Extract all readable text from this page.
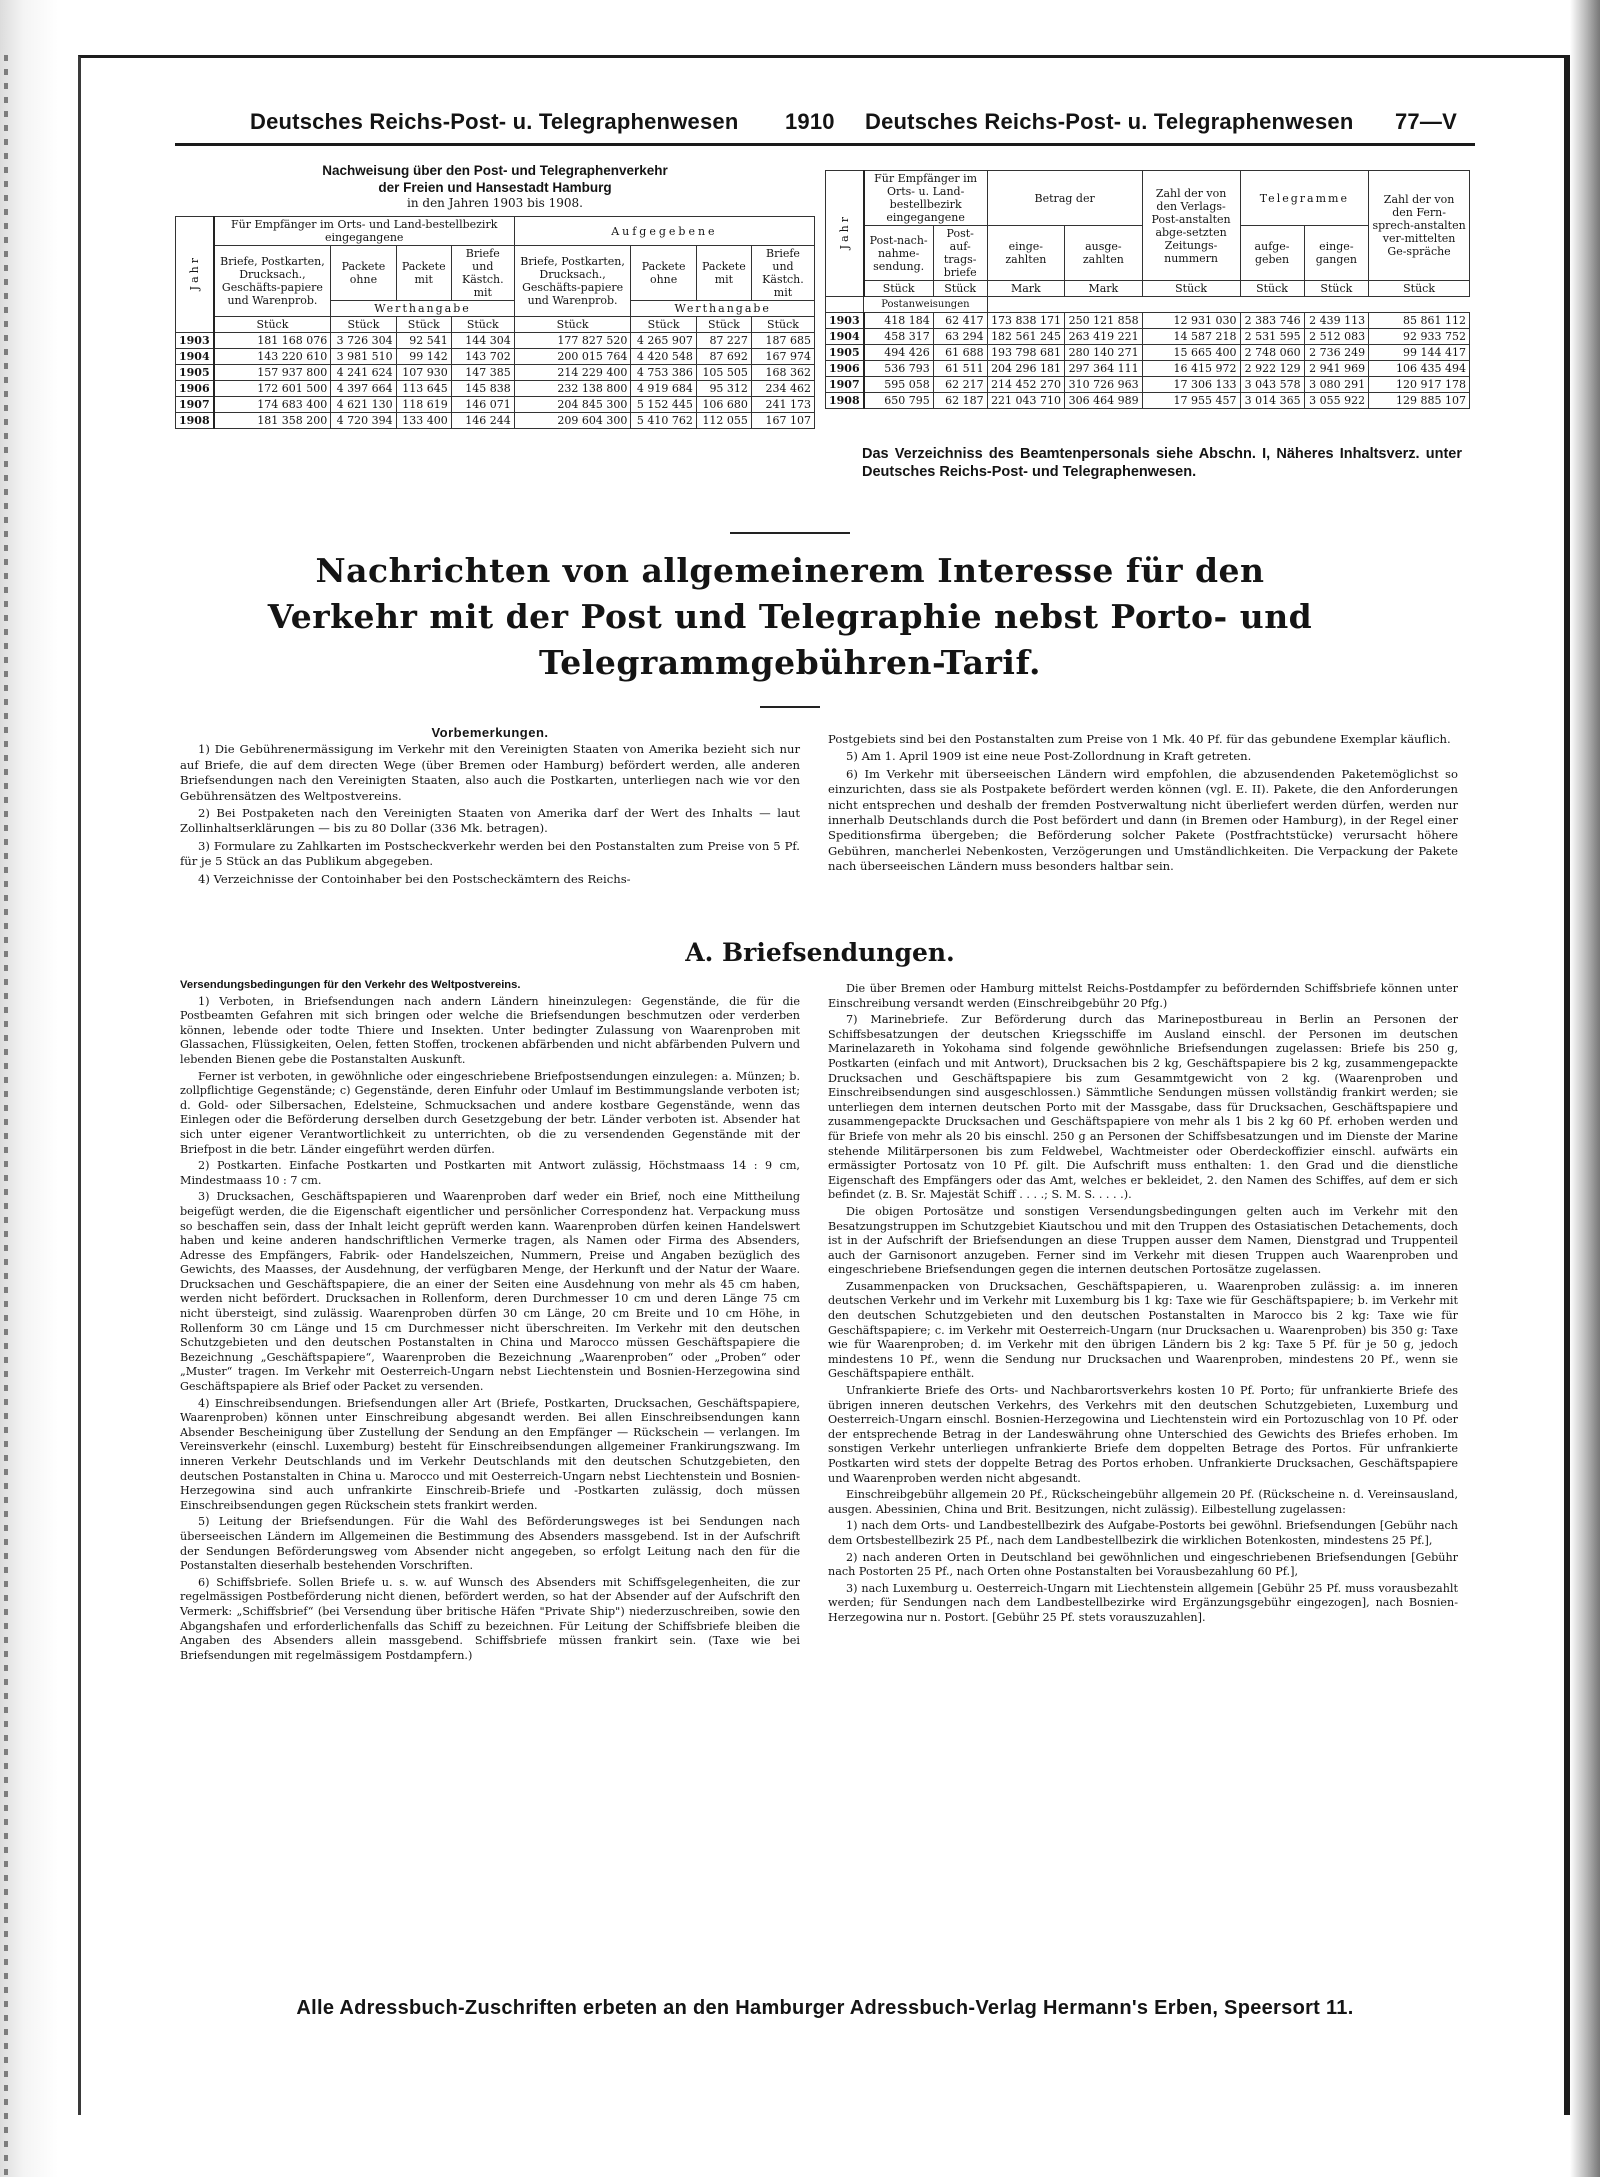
Deutsches Reichs-Post- u. Telegraphenwesen 1910 Deutsches Reichs-Post- u. Telegraphenwesen 77—V
Nachweisung über den Post- und Telegraphenverkehr
der Freien und Hansestadt Hamburg
in den Jahren 1903 bis 1908.
Jahr	Für Empfänger im Orts- und Land-bestellbezirk eingegangene				Aufgegebene			
	Briefe, Postkarten, Drucksach., Geschäfts-papiere und Warenprob.	Packete ohne	Packete mit	Briefe und Kästch. mit	Briefe, Postkarten, Drucksach., Geschäfts-papiere und Warenprob.	Packete ohne	Packete mit	Briefe und Kästch. mit
		Werthangabe				Werthangabe		
	Stück	Stück	Stück	Stück	Stück	Stück	Stück	Stück
1903	181 168 076	3 726 304	92 541	144 304	177 827 520	4 265 907	87 227	187 685
1904	143 220 610	3 981 510	99 142	143 702	200 015 764	4 420 548	87 692	167 974
1905	157 937 800	4 241 624	107 930	147 385	214 229 400	4 753 386	105 505	168 362
1906	172 601 500	4 397 664	113 645	145 838	232 138 800	4 919 684	95 312	234 462
1907	174 683 400	4 621 130	118 619	146 071	204 845 300	5 152 445	106 680	241 173
1908	181 358 200	4 720 394	133 400	146 244	209 604 300	5 410 762	112 055	167 107
Jahr	Für Empfänger im Orts- u. Land-bestellbezirk eingegangene		Betrag der		Zahl der von den Verlags-Post-anstalten abge-setzten Zeitungs-nummern	Telegramme		Zahl der von den Fern-sprech-anstalten ver-mittelten Ge-spräche
	Post-nach-nahme-sendung.	Post-auf-trags-briefe	einge-zahlten	ausge-zahlten		aufge-geben	einge-gangen	
	Stück	Stück	Mark	Mark	Stück	Stück	Stück	Stück
	Postanweisungen							
1903	418 184	62 417	173 838 171	250 121 858	12 931 030	2 383 746	2 439 113	85 861 112
1904	458 317	63 294	182 561 245	263 419 221	14 587 218	2 531 595	2 512 083	92 933 752
1905	494 426	61 688	193 798 681	280 140 271	15 665 400	2 748 060	2 736 249	99 144 417
1906	536 793	61 511	204 296 181	297 364 111	16 415 972	2 922 129	2 941 969	106 435 494
1907	595 058	62 217	214 452 270	310 726 963	17 306 133	3 043 578	3 080 291	120 917 178
1908	650 795	62 187	221 043 710	306 464 989	17 955 457	3 014 365	3 055 922	129 885 107
Das Verzeichniss des Beamtenpersonals siehe Abschn. I, Näheres Inhaltsverz. unter Deutsches Reichs-Post- und Telegraphenwesen.
Nachrichten von allgemeinerem Interesse für den
Verkehr mit der Post und Telegraphie nebst Porto- und
Telegrammgebühren-Tarif.
Vorbemerkungen.

1) Die Gebührenermässigung im Verkehr mit den Vereinigten Staaten von Amerika bezieht sich nur auf Briefe, die auf dem directen Wege (über Bremen oder Hamburg) befördert werden, alle anderen Briefsendungen nach den Vereinigten Staaten, also auch die Postkarten, unterliegen nach wie vor den Gebührensätzen des Weltpostvereins.

2) Bei Postpaketen nach den Vereinigten Staaten von Amerika darf der Wert des Inhalts — laut Zollinhaltserklärungen — bis zu 80 Dollar (336 Mk. betragen).

3) Formulare zu Zahlkarten im Postscheckverkehr werden bei den Postanstalten zum Preise von 5 Pf. für je 5 Stück an das Publikum abgegeben.

4) Verzeichnisse der Contoinhaber bei den Postscheckämtern des Reichs-

Postgebiets sind bei den Postanstalten zum Preise von 1 Mk. 40 Pf. für das gebundene Exemplar käuflich.

5) Am 1. April 1909 ist eine neue Post-Zollordnung in Kraft getreten.

6) Im Verkehr mit überseeischen Ländern wird empfohlen, die abzusendenden Paketemöglichst so einzurichten, dass sie als Postpakete befördert werden können (vgl. E. II). Pakete, die den Anforderungen nicht entsprechen und deshalb der fremden Postverwaltung nicht überliefert werden dürfen, werden nur innerhalb Deutschlands durch die Post befördert und dann (in Bremen oder Hamburg), in der Regel einer Speditionsfirma übergeben; die Beförderung solcher Pakete (Postfrachtstücke) verursacht höhere Gebühren, mancherlei Nebenkosten, Verzögerungen und Umständlichkeiten. Die Verpackung der Pakete nach überseeischen Ländern muss besonders haltbar sein.

A. Briefsendungen.

Versendungsbedingungen für den Verkehr des Weltpostvereins.

1) Verboten, in Briefsendungen nach andern Ländern hineinzulegen: Gegenstände, die für die Postbeamten Gefahren mit sich bringen oder welche die Briefsendungen beschmutzen oder verderben können, lebende oder todte Thiere und Insekten. Unter bedingter Zulassung von Waarenproben mit Glassachen, Flüssigkeiten, Oelen, fetten Stoffen, trockenen abfärbenden und nicht abfärbenden Pulvern und lebenden Bienen gebe die Postanstalten Auskunft.

Ferner ist verboten, in gewöhnliche oder eingeschriebene Briefpostsendungen einzulegen: a. Münzen; b. zollpflichtige Gegenstände; c) Gegenstände, deren Einfuhr oder Umlauf im Bestimmungslande verboten ist; d. Gold- oder Silbersachen, Edelsteine, Schmucksachen und andere kostbare Gegenstände, wenn das Einlegen oder die Beförderung derselben durch Gesetzgebung der betr. Länder verboten ist. Absender hat sich unter eigener Verantwortlichkeit zu unterrichten, ob die zu versendenden Gegenstände mit der Briefpost in die betr. Länder eingeführt werden dürfen.

2) Postkarten. Einfache Postkarten und Postkarten mit Antwort zulässig, Höchstmaass 14 : 9 cm, Mindestmaass 10 : 7 cm.

3) Drucksachen, Geschäftspapieren und Waarenproben darf weder ein Brief, noch eine Mittheilung beigefügt werden, die die Eigenschaft eigentlicher und persönlicher Correspondenz hat. Verpackung muss so beschaffen sein, dass der Inhalt leicht geprüft werden kann. Waarenproben dürfen keinen Handelswert haben und keine anderen handschriftlichen Vermerke tragen, als Namen oder Firma des Absenders, Adresse des Empfängers, Fabrik- oder Handelszeichen, Nummern, Preise und Angaben bezüglich des Gewichts, des Maasses, der Ausdehnung, der verfügbaren Menge, der Herkunft und der Natur der Waare. Drucksachen und Geschäftspapiere, die an einer der Seiten eine Ausdehnung von mehr als 45 cm haben, werden nicht befördert. Drucksachen in Rollenform, deren Durchmesser 10 cm und deren Länge 75 cm nicht übersteigt, sind zulässig. Waarenproben dürfen 30 cm Länge, 20 cm Breite und 10 cm Höhe, in Rollenform 30 cm Länge und 15 cm Durchmesser nicht überschreiten. Im Verkehr mit den deutschen Schutzgebieten und den deutschen Postanstalten in China und Marocco müssen Geschäftspapiere die Bezeichnung „Geschäftspapiere“, Waarenproben die Bezeichnung „Waarenproben“ oder „Proben“ oder „Muster“ tragen. Im Verkehr mit Oesterreich-Ungarn nebst Liechtenstein und Bosnien-Herzegowina sind Geschäftspapiere als Brief oder Packet zu versenden.

4) Einschreibsendungen. Briefsendungen aller Art (Briefe, Postkarten, Drucksachen, Geschäftspapiere, Waarenproben) können unter Einschreibung abgesandt werden. Bei allen Einschreibsendungen kann Absender Bescheinigung über Zustellung der Sendung an den Empfänger — Rückschein — verlangen. Im Vereinsverkehr (einschl. Luxemburg) besteht für Einschreibsendungen allgemeiner Frankirungszwang. Im inneren Verkehr Deutschlands und im Verkehr Deutschlands mit den deutschen Schutzgebieten, den deutschen Postanstalten in China u. Marocco und mit Oesterreich-Ungarn nebst Liechtenstein und Bosnien-Herzegowina sind auch unfrankirte Einschreib-Briefe und -Postkarten zulässig, doch müssen Einschreibsendungen gegen Rückschein stets frankirt werden.

5) Leitung der Briefsendungen. Für die Wahl des Beförderungsweges ist bei Sendungen nach überseeischen Ländern im Allgemeinen die Bestimmung des Absenders massgebend. Ist in der Aufschrift der Sendungen Beförderungsweg vom Absender nicht angegeben, so erfolgt Leitung nach den für die Postanstalten dieserhalb bestehenden Vorschriften.

6) Schiffsbriefe. Sollen Briefe u. s. w. auf Wunsch des Absenders mit Schiffsgelegenheiten, die zur regelmässigen Postbeförderung nicht dienen, befördert werden, so hat der Absender auf der Aufschrift den Vermerk: „Schiffsbrief“ (bei Versendung über britische Häfen "Private Ship") niederzuschreiben, sowie den Abgangshafen und erforderlichenfalls das Schiff zu bezeichnen. Für Leitung der Schiffsbriefe bleiben die Angaben des Absenders allein massgebend. Schiffsbriefe müssen frankirt sein. (Taxe wie bei Briefsendungen mit regelmässigem Postdampfern.)

Die über Bremen oder Hamburg mittelst Reichs-Postdampfer zu befördernden Schiffsbriefe können unter Einschreibung versandt werden (Einschreibgebühr 20 Pfg.)

7) Marinebriefe. Zur Beförderung durch das Marinepostbureau in Berlin an Personen der Schiffsbesatzungen der deutschen Kriegsschiffe im Ausland einschl. der Personen im deutschen Marinelazareth in Yokohama sind folgende gewöhnliche Briefsendungen zugelassen: Briefe bis 250 g, Postkarten (einfach und mit Antwort), Drucksachen bis 2 kg, Geschäftspapiere bis 2 kg, zusammengepackte Drucksachen und Geschäftspapiere bis zum Gesammtgewicht von 2 kg. (Waarenproben und Einschreibsendungen sind ausgeschlossen.) Sämmtliche Sendungen müssen vollständig frankirt werden; sie unterliegen dem internen deutschen Porto mit der Massgabe, dass für Drucksachen, Geschäftspapiere und zusammengepackte Drucksachen und Geschäftspapiere von mehr als 1 bis 2 kg 60 Pf. erhoben werden und für Briefe von mehr als 20 bis einschl. 250 g an Personen der Schiffsbesatzungen und im Dienste der Marine stehende Militärpersonen bis zum Feldwebel, Wachtmeister oder Oberdeckoffizier einschl. aufwärts ein ermässigter Portosatz von 10 Pf. gilt. Die Aufschrift muss enthalten: 1. den Grad und die dienstliche Eigenschaft des Empfängers oder das Amt, welches er bekleidet, 2. den Namen des Schiffes, auf dem er sich befindet (z. B. Sr. Majestät Schiff . . . .; S. M. S. . . . .).

Die obigen Portosätze und sonstigen Versendungsbedingungen gelten auch im Verkehr mit den Besatzungstruppen im Schutzgebiet Kiautschou und mit den Truppen des Ostasiatischen Detachements, doch ist in der Aufschrift der Briefsendungen an diese Truppen ausser dem Namen, Dienstgrad und Truppenteil auch der Garnisonort anzugeben. Ferner sind im Verkehr mit diesen Truppen auch Waarenproben und eingeschriebene Briefsendungen gegen die internen deutschen Portosätze zugelassen.

Zusammenpacken von Drucksachen, Geschäftspapieren, u. Waarenproben zulässig: a. im inneren deutschen Verkehr und im Verkehr mit Luxemburg bis 1 kg: Taxe wie für Geschäftspapiere; b. im Verkehr mit den deutschen Schutzgebieten und den deutschen Postanstalten in Marocco bis 2 kg: Taxe wie für Geschäftspapiere; c. im Verkehr mit Oesterreich-Ungarn (nur Drucksachen u. Waarenproben) bis 350 g: Taxe wie für Waarenproben; d. im Verkehr mit den übrigen Ländern bis 2 kg: Taxe 5 Pf. für je 50 g, jedoch mindestens 10 Pf., wenn die Sendung nur Drucksachen und Waarenproben, mindestens 20 Pf., wenn sie Geschäftspapiere enthält.

Unfrankierte Briefe des Orts- und Nachbarortsverkehrs kosten 10 Pf. Porto; für unfrankierte Briefe des übrigen inneren deutschen Verkehrs, des Verkehrs mit den deutschen Schutzgebieten, Luxemburg und Oesterreich-Ungarn einschl. Bosnien-Herzegowina und Liechtenstein wird ein Portozuschlag von 10 Pf. oder der entsprechende Betrag in der Landeswährung ohne Unterschied des Gewichts des Briefes erhoben. Im sonstigen Verkehr unterliegen unfrankierte Briefe dem doppelten Betrage des Portos. Für unfrankierte Postkarten wird stets der doppelte Betrag des Portos erhoben. Unfrankierte Drucksachen, Geschäftspapiere und Waarenproben werden nicht abgesandt.

Einschreibgebühr allgemein 20 Pf., Rückscheingebühr allgemein 20 Pf. (Rückscheine n. d. Vereinsausland, ausgen. Abessinien, China und Brit. Besitzungen, nicht zulässig). Eilbestellung zugelassen:

1) nach dem Orts- und Landbestellbezirk des Aufgabe-Postorts bei gewöhnl. Briefsendungen [Gebühr nach dem Ortsbestellbezirk 25 Pf., nach dem Landbestellbezirk die wirklichen Botenkosten, mindestens 25 Pf.],

2) nach anderen Orten in Deutschland bei gewöhnlichen und eingeschriebenen Briefsendungen [Gebühr nach Postorten 25 Pf., nach Orten ohne Postanstalten bei Vorausbezahlung 60 Pf.],

3) nach Luxemburg u. Oesterreich-Ungarn mit Liechtenstein allgemein [Gebühr 25 Pf. muss vorausbezahlt werden; für Sendungen nach dem Landbestellbezirke wird Ergänzungsgebühr eingezogen], nach Bosnien-Herzegowina nur n. Postort. [Gebühr 25 Pf. stets vorauszuzahlen].

Alle Adressbuch-Zuschriften erbeten an den Hamburger Adressbuch-Verlag Hermann's Erben, Speersort 11.
